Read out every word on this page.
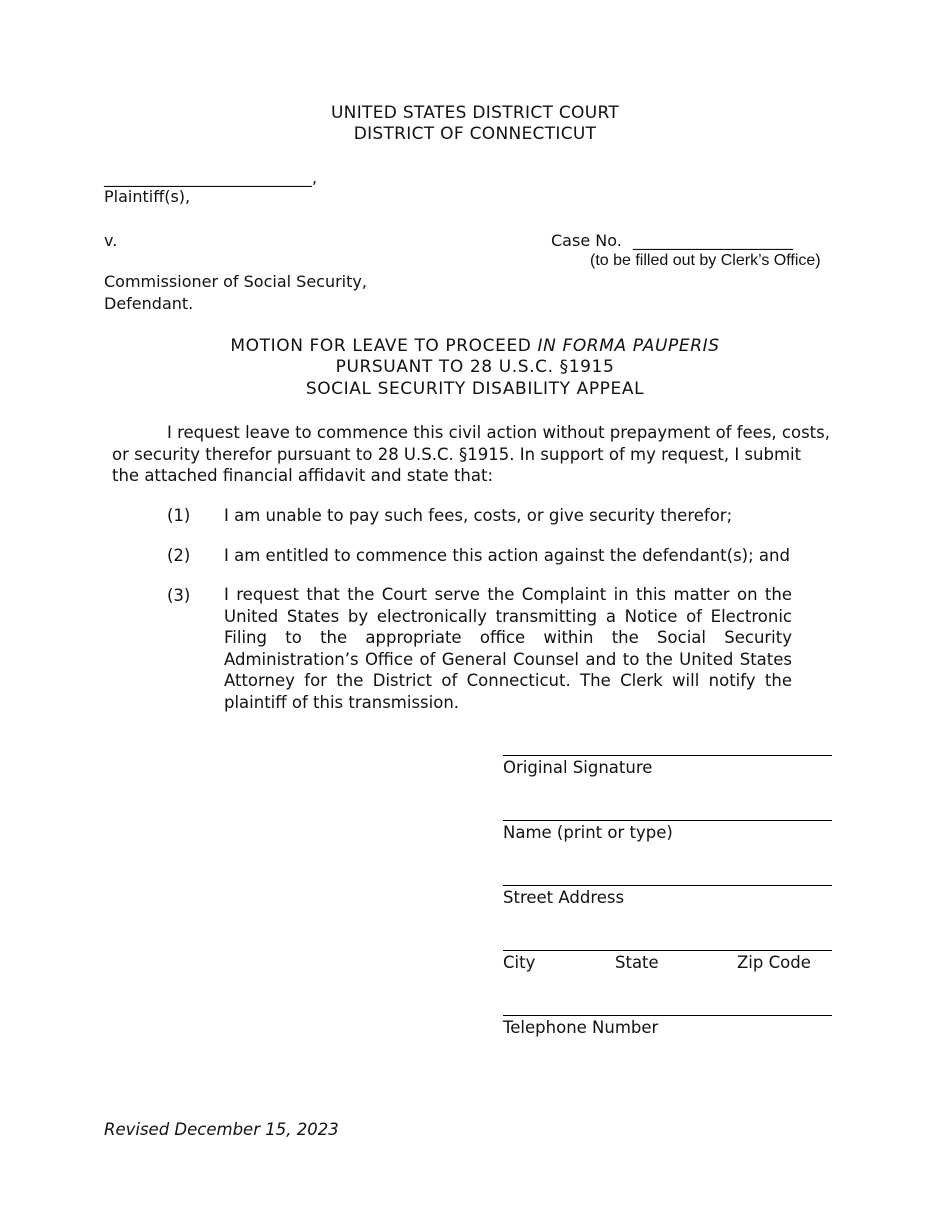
UNITED STATES DISTRICT COURT
DISTRICT OF CONNECTICUT
__________________________,
Plaintiff(s),
v.	Case No. ____________________
(to be filled out by Clerk’s Office)
Commissioner of Social Security,
Defendant.
MOTION FOR LEAVE TO PROCEED IN FORMA PAUPERIS
PURSUANT TO 28 U.S.C. §1915
SOCIAL SECURITY DISABILITY APPEAL
I request leave to commence this civil action without prepayment of fees, costs,
or security therefor pursuant to 28 U.S.C. §1915. In support of my request, I submit
the attached financial affidavit and state that:
(1) I am unable to pay such fees, costs, or give security therefor;
(2) I am entitled to commence this action against the defendant(s); and
(3) I request that the Court serve the Complaint in this matter on the United States by electronically transmitting a Notice of Electronic Filing to the appropriate office within the Social Security Administration’s Office of General Counsel and to the United States Attorney for the District of Connecticut. The Clerk will notify the plaintiff of this transmission.
Original Signature
Name (print or type)
Street Address
City	State	Zip Code
Telephone Number
Revised December 15, 2023
